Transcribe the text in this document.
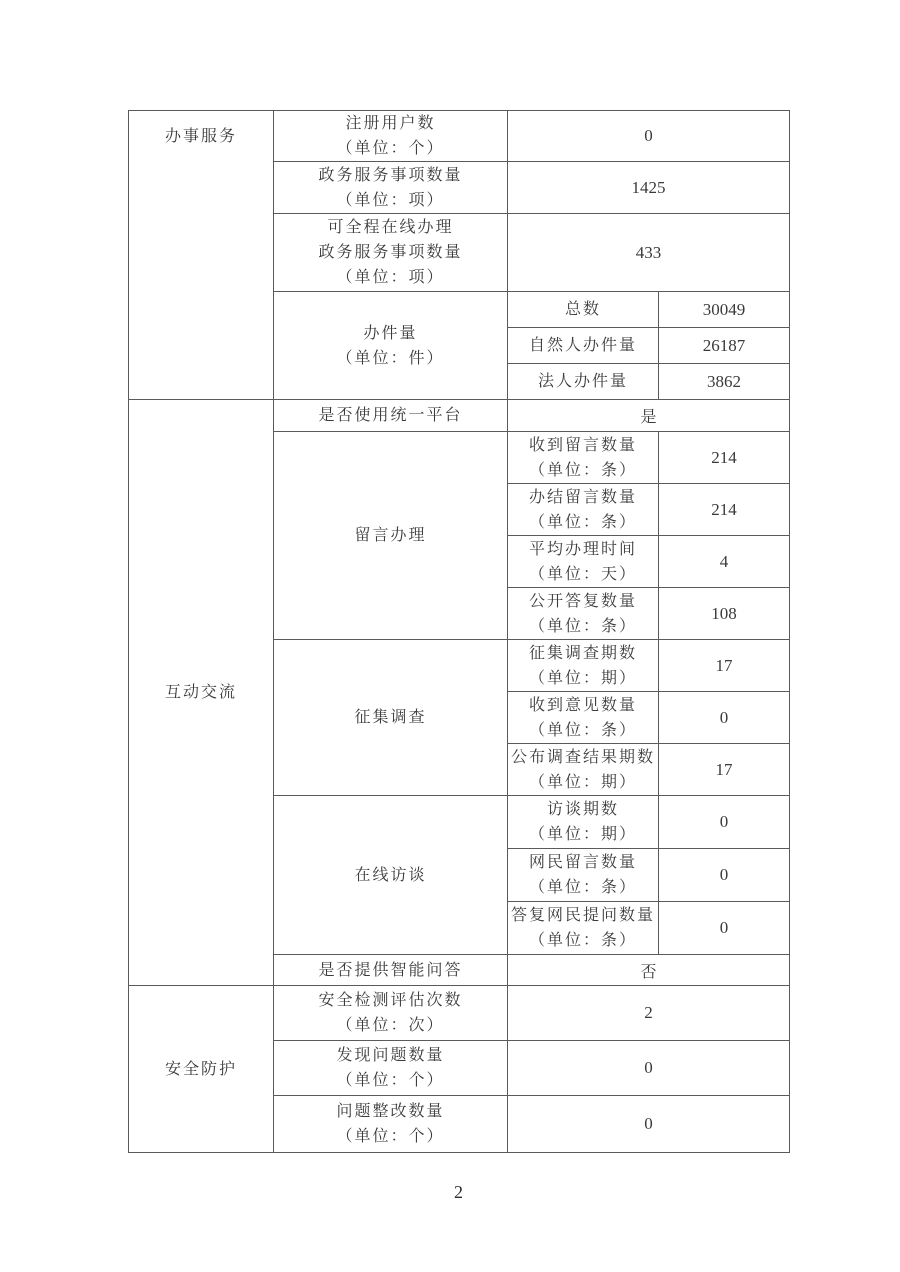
办事服务	注册用户数
（单位：个）	0	

	政务服务事项数量
（单位：项）	1425	

	可全程在线办理
政务服务事项数量
（单位：项）	433	

	办件量
（单位：件）	总数	30049

		自然人办件量	26187

		法人办件量	3862

互动交流	是否使用统一平台	是	

	留言办理	收到留言数量
（单位：条）	214

		办结留言数量
（单位：条）	214

		平均办理时间
（单位：天）	4

		公开答复数量
（单位：条）	108

	征集调查	征集调查期数
（单位：期）	17

		收到意见数量
（单位：条）	0

		公布调查结果期数
（单位：期）	17

	在线访谈	访谈期数
（单位：期）	0

		网民留言数量
（单位：条）	0

		答复网民提问数量
（单位：条）	0

	是否提供智能问答	否	

安全防护	安全检测评估次数
（单位：次）	2	

	发现问题数量
（单位：个）	0	

	问题整改数量
（单位：个）	0	
2
